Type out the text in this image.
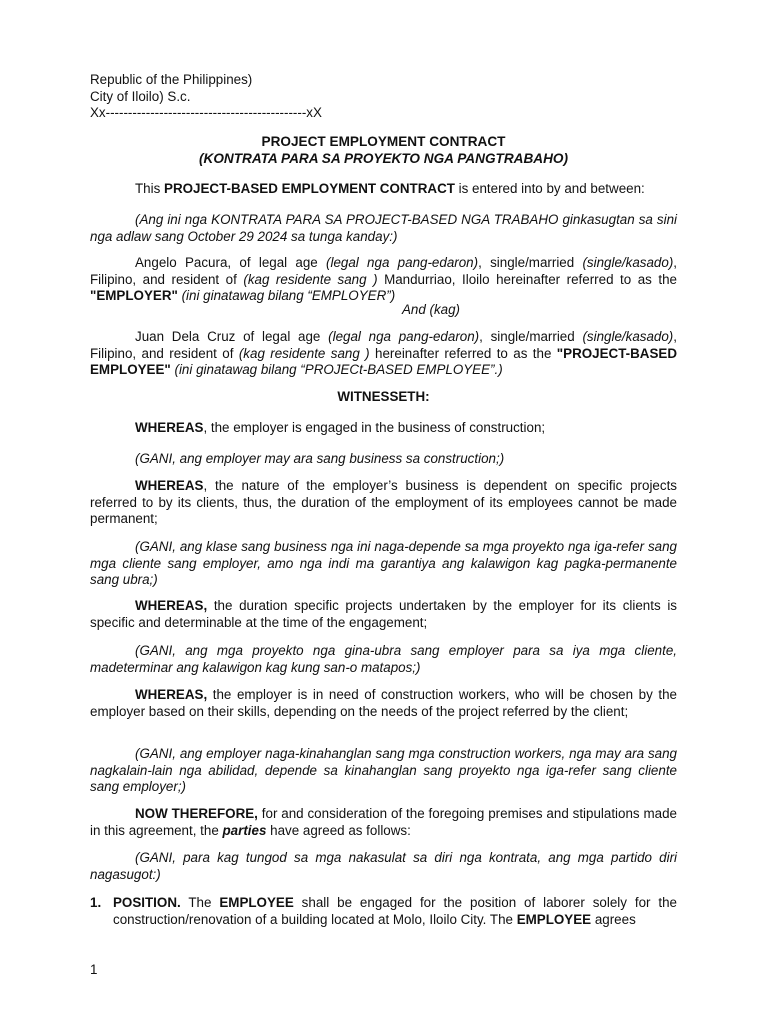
Republic of the Philippines)
City of Iloilo) S.c.
Xx---------------------------------------------xX
PROJECT EMPLOYMENT CONTRACT
(KONTRATA PARA SA PROYEKTO NGA PANGTRABAHO)

This PROJECT-BASED EMPLOYMENT CONTRACT is entered into by and between:

(Ang ini nga KONTRATA PARA SA PROJECT-BASED NGA TRABAHO ginkasugtan sa sini nga adlaw sang October 29 2024 sa tunga kanday:)

Angelo Pacura, of legal age (legal nga pang-edaron), single/married (single/kasado), Filipino, and resident of (kag residente sang ) Mandurriao, Iloilo hereinafter referred to as the "EMPLOYER" (ini ginatawag bilang “EMPLOYER”)

And (kag)

Juan Dela Cruz of legal age (legal nga pang-edaron), single/married (single/kasado), Filipino, and resident of (kag residente sang ) hereinafter referred to as the "PROJECT-BASED EMPLOYEE" (ini ginatawag bilang “PROJECt-BASED EMPLOYEE”.)

WITNESSETH:

WHEREAS, the employer is engaged in the business of construction;

(GANI, ang employer may ara sang business sa construction;)

WHEREAS, the nature of the employer’s business is dependent on specific projects referred to by its clients, thus, the duration of the employment of its employees cannot be made permanent;

(GANI, ang klase sang business nga ini naga-depende sa mga proyekto nga iga-refer sang mga cliente sang employer, amo nga indi ma garantiya ang kalawigon kag pagka-permanente sang ubra;)

WHEREAS, the duration specific projects undertaken by the employer for its clients is specific and determinable at the time of the engagement;

(GANI, ang mga proyekto nga gina-ubra sang employer para sa iya mga cliente, madeterminar ang kalawigon kag kung san-o matapos;)

WHEREAS, the employer is in need of construction workers, who will be chosen by the employer based on their skills, depending on the needs of the project referred by the client;

(GANI, ang employer naga-kinahanglan sang mga construction workers, nga may ara sang nagkalain-lain nga abilidad, depende sa kinahanglan sang proyekto nga iga-refer sang cliente sang employer;)

NOW THEREFORE, for and consideration of the foregoing premises and stipulations made in this agreement, the parties have agreed as follows:

(GANI, para kag tungod sa mga nakasulat sa diri nga kontrata, ang mga partido diri nagasugot:)

1. POSITION. The EMPLOYEE shall be engaged for the position of laborer solely for the construction/renovation of a building located at Molo, Iloilo City. The EMPLOYEE agrees

1
